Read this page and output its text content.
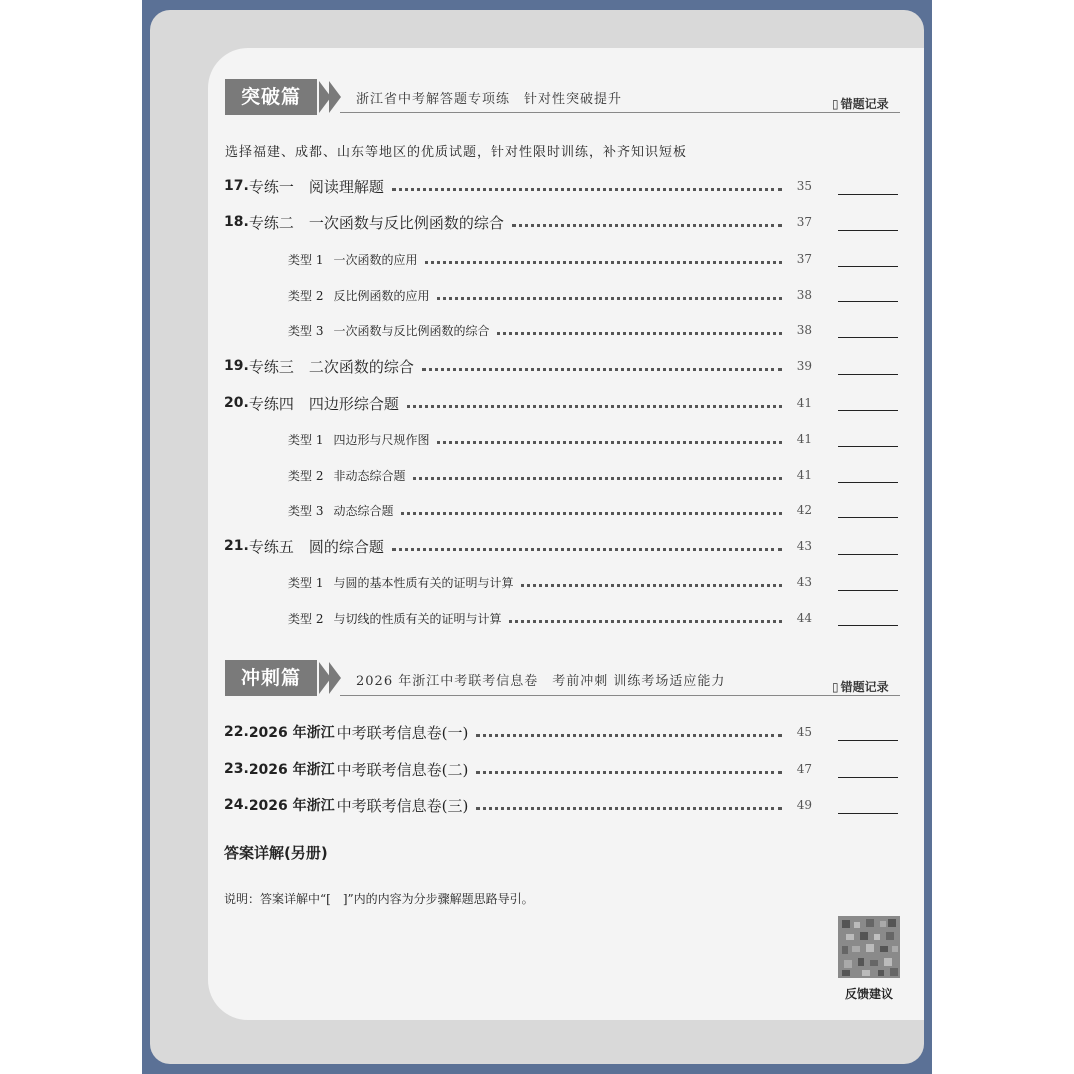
突破篇	浙江省中考解答题专项练　针对性突破提升	▯ 错题记录
选择福建、成都、山东等地区的优质试题，针对性限时训练，补齐知识短板
17. 专练一　阅读理解题	35
18. 专练二　一次函数与反比例函数的综合	37
类型 1 一次函数的应用	37
类型 2 反比例函数的应用	38
类型 3 一次函数与反比例函数的综合	38
19. 专练三　二次函数的综合	39
20. 专练四　四边形综合题	41
类型 1 四边形与尺规作图	41
类型 2 非动态综合题	41
类型 3 动态综合题	42
21. 专练五　圆的综合题	43
类型 1 与圆的基本性质有关的证明与计算	43
类型 2 与切线的性质有关的证明与计算	44
冲刺篇	2026 年浙江中考联考信息卷　考前冲刺 训练考场适应能力	▯ 错题记录
22. 2026 年浙江 中考联考信息卷(一)	45
23. 2026 年浙江 中考联考信息卷(二)	47
24. 2026 年浙江 中考联考信息卷(三)	49
答案详解(另册)
说明：答案详解中“[　]”内的内容为分步骤解题思路导引。
反馈建议
